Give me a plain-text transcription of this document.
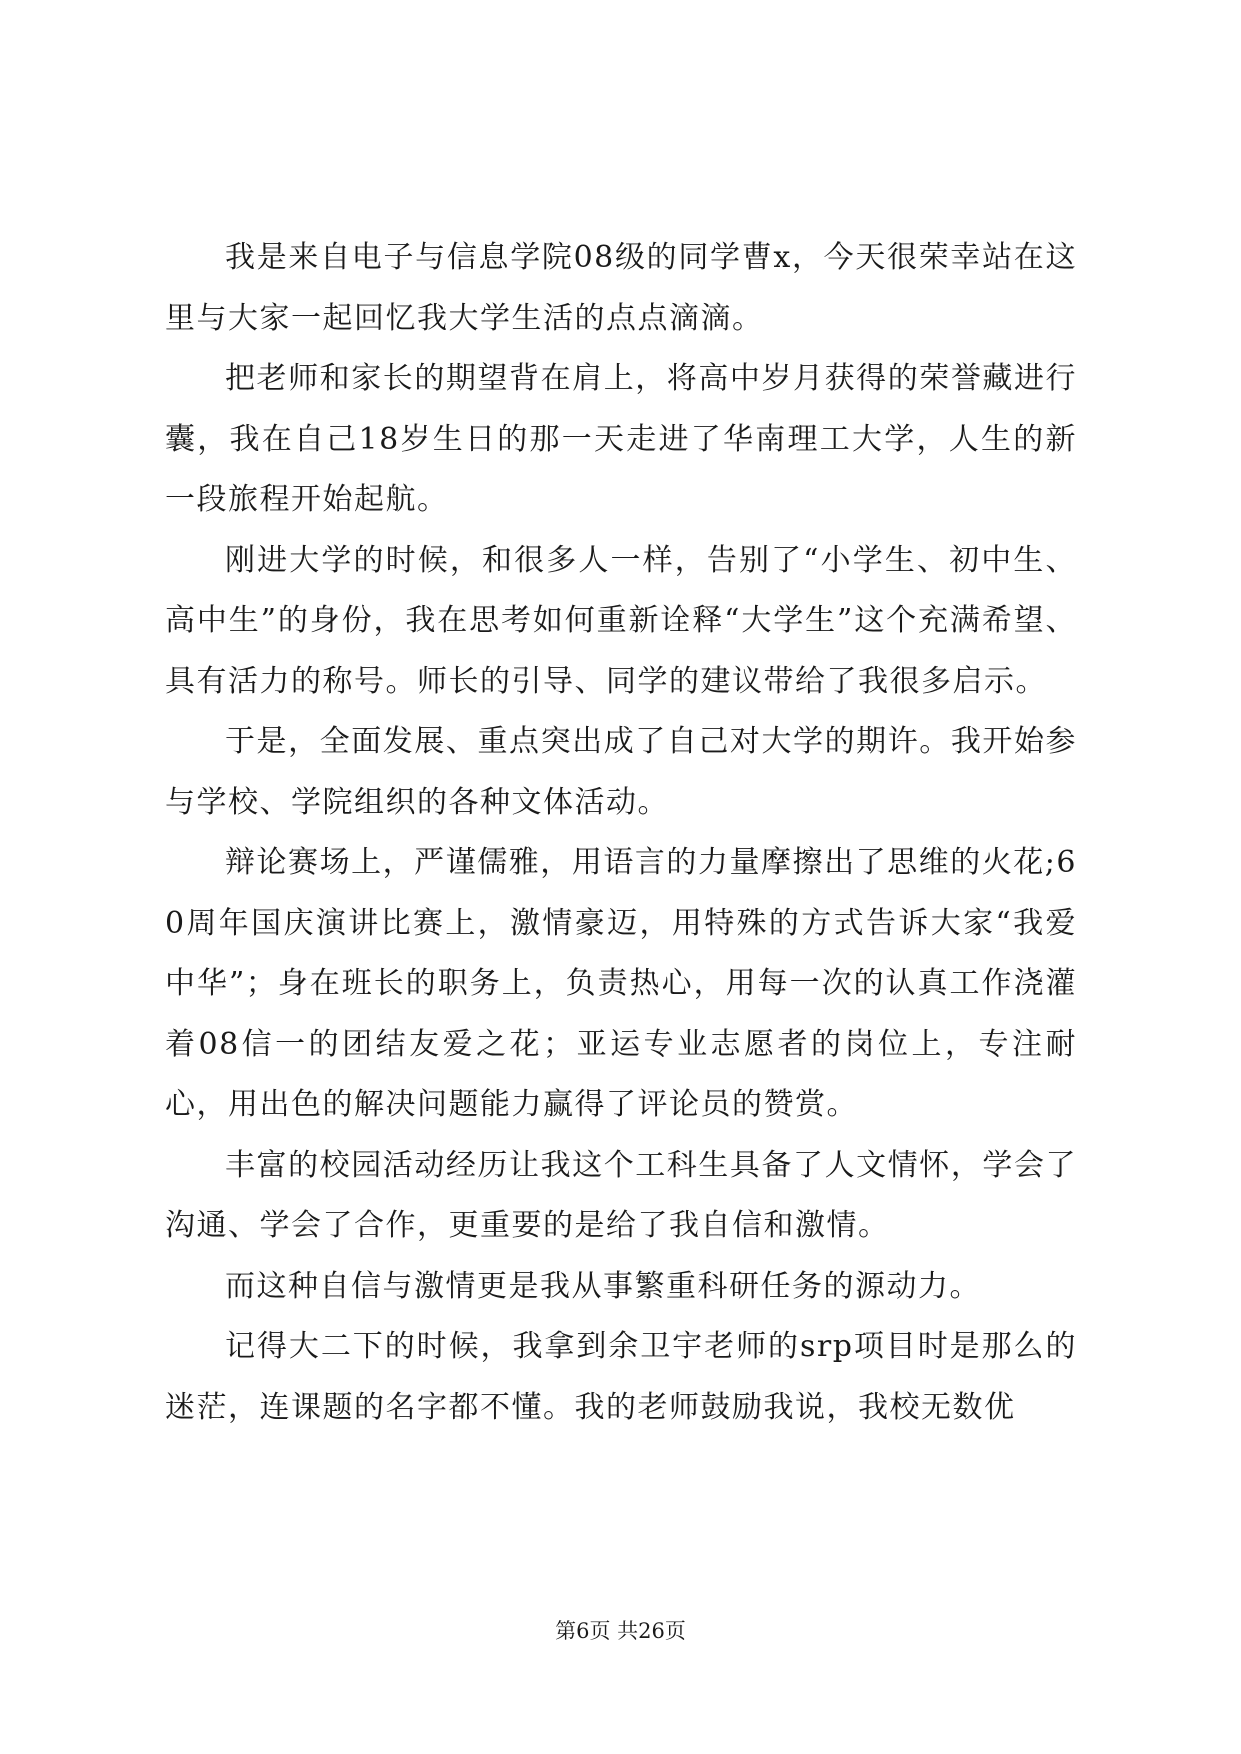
我是来自电子与信息学院08级的同学曹x，今天很荣幸站在这里与大家一起回忆我大学生活的点点滴滴。

把老师和家长的期望背在肩上，将高中岁月获得的荣誉藏进行囊，我在自己18岁生日的那一天走进了华南理工大学，人生的新一段旅程开始起航。

刚进大学的时候，和很多人一样，告别了“小学生、初中生、高中生”的身份，我在思考如何重新诠释“大学生”这个充满希望、具有活力的称号。师长的引导、同学的建议带给了我很多启示。

于是，全面发展、重点突出成了自己对大学的期许。我开始参与学校、学院组织的各种文体活动。

辩论赛场上，严谨儒雅，用语言的力量摩擦出了思维的火花;60周年国庆演讲比赛上，激情豪迈，用特殊的方式告诉大家“我爱中华”；身在班长的职务上，负责热心，用每一次的认真工作浇灌着08信一的团结友爱之花；亚运专业志愿者的岗位上，专注耐心，用出色的解决问题能力赢得了评论员的赞赏。

丰富的校园活动经历让我这个工科生具备了人文情怀，学会了沟通、学会了合作，更重要的是给了我自信和激情。

而这种自信与激情更是我从事繁重科研任务的源动力。

记得大二下的时候，我拿到余卫宇老师的srp项目时是那么的迷茫，连课题的名字都不懂。我的老师鼓励我说，我校无数优

第6页 共26页
